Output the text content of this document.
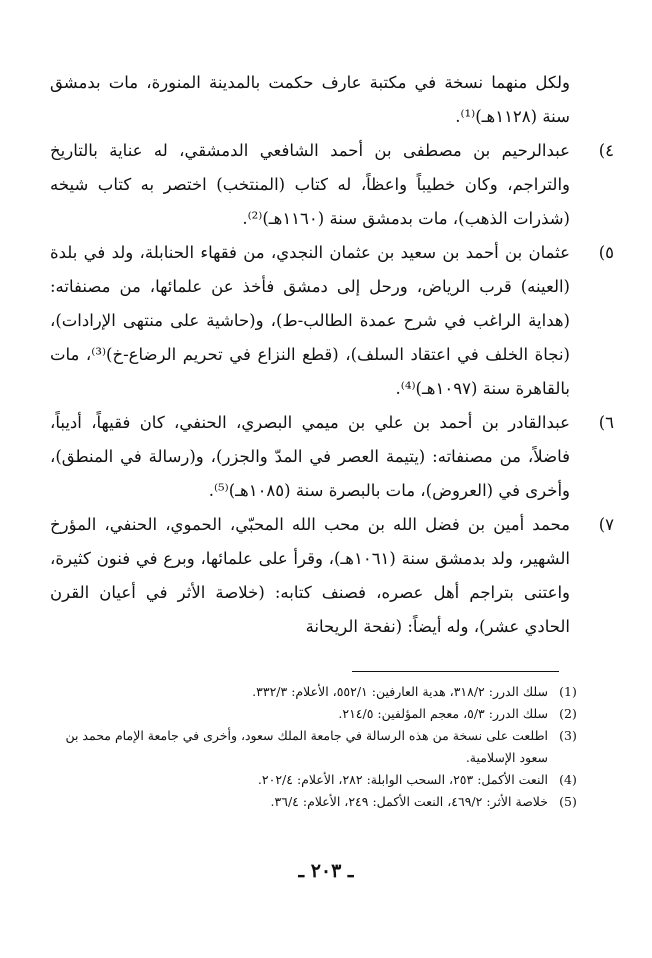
ولكل منهما نسخة في مكتبة عارف حكمت بالمدينة المنورة، مات بدمشق سنة (١١٢٨هـ)⁽¹⁾.
٤)
عبدالرحيم بن مصطفى بن أحمد الشافعي الدمشقي، له عناية بالتاريخ والتراجم، وكان خطيباً واعظاً، له كتاب (المنتخب) اختصر به كتاب شيخه (شذرات الذهب)، مات بدمشق سنة (١١٦٠هـ)⁽²⁾.
٥)
عثمان بن أحمد بن سعيد بن عثمان النجدي، من فقهاء الحنابلة، ولد في بلدة (العينه) قرب الرياض، ورحل إلى دمشق فأخذ عن علمائها، من مصنفاته: (هداية الراغب في شرح عمدة الطالب-ط)، و(حاشية على منتهى الإرادات)، (نجاة الخلف في اعتقاد السلف)، (قطع النزاع في تحريم الرضاع-خ)⁽³⁾، مات بالقاهرة سنة (١٠٩٧هـ)⁽⁴⁾.
٦)
عبدالقادر بن أحمد بن علي بن ميمي البصري، الحنفي، كان فقيهاً، أديباً، فاضلاً، من مصنفاته: (يتيمة العصر في المدّ والجزر)، و(رسالة في المنطق)، وأخرى في (العروض)، مات بالبصرة سنة (١٠٨٥هـ)⁽⁵⁾.
٧)
محمد أمين بن فضل الله بن محب الله المحبّي، الحموي، الحنفي، المؤرخ الشهير، ولد بدمشق سنة (١٠٦١هـ)، وقرأ على علمائها، وبرع في فنون كثيرة، واعتنى بتراجم أهل عصره، فصنف كتابه: (خلاصة الأثر في أعيان القرن الحادي عشر)، وله أيضاً: (نفحة الريحانة
(1)
سلك الدرر: ٣١٨/٢، هدية العارفين: ٥٥٢/١، الأعلام: ٣٣٢/٣.
(2)
سلك الدرر: ٥/٣، معجم المؤلفين: ٢١٤/٥.
(3)
اطلعت على نسخة من هذه الرسالة في جامعة الملك سعود، وأخرى في جامعة الإمام محمد بن سعود الإسلامية.
(4)
النعت الأكمل: ٢٥٣، السحب الوابلة: ٢٨٢، الأعلام: ٢٠٢/٤.
(5)
خلاصة الأثر: ٤٦٩/٢، النعت الأكمل: ٢٤٩، الأعلام: ٣٦/٤.
ـ ٢٠٣ ـ
